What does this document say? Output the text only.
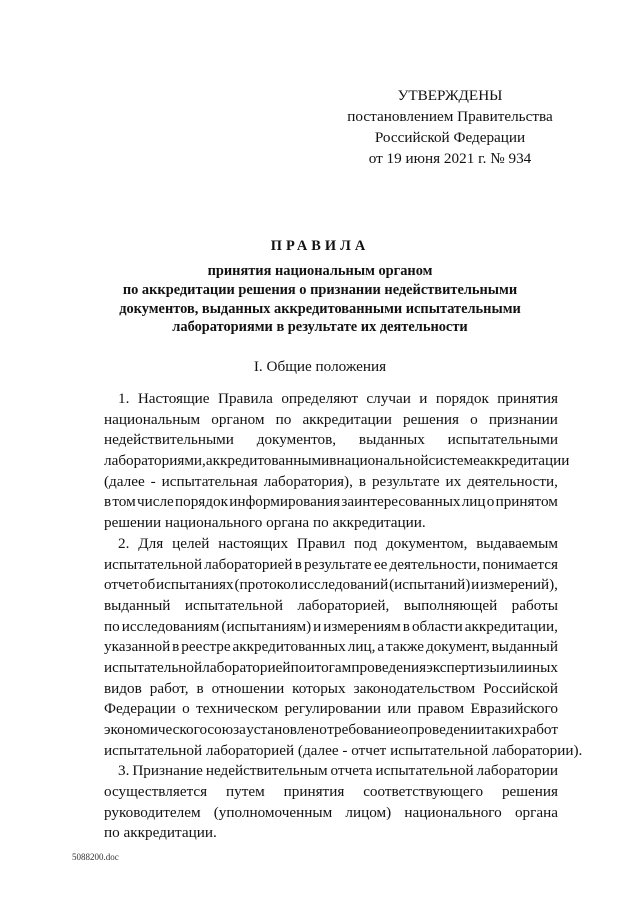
УТВЕРЖДЕНЫ
постановлением Правительства
Российской Федерации
от 19 июня 2021 г. № 934
ПРАВИЛА
принятия национальным органом
по аккредитации решения о признании недействительными
документов, выданных аккредитованными испытательными
лабораториями в результате их деятельности
I. Общие положения
1. Настоящие Правила определяют случаи и порядок принятия
национальным органом по аккредитации решения о признании
недействительными документов, выданных испытательными
лабораториями, аккредитованными в национальной системе аккредитации
(далее - испытательная лаборатория), в результате их деятельности,
в том числе порядок информирования заинтересованных лиц о принятом
решении национального органа по аккредитации.
2. Для целей настоящих Правил под документом, выдаваемым
испытательной лабораторией в результате ее деятельности, понимается
отчет об испытаниях (протокол исследований (испытаний) и измерений),
выданный испытательной лабораторией, выполняющей работы
по исследованиям (испытаниям) и измерениям в области аккредитации,
указанной в реестре аккредитованных лиц, а также документ, выданный
испытательной лабораторией по итогам проведения экспертизы или иных
видов работ, в отношении которых законодательством Российской
Федерации о техническом регулировании или правом Евразийского
экономического союза установлено требование о проведении таких работ
испытательной лабораторией (далее - отчет испытательной лаборатории).
3. Признание недействительным отчета испытательной лаборатории
осуществляется путем принятия соответствующего решения
руководителем (уполномоченным лицом) национального органа
по аккредитации.
5088200.doc
